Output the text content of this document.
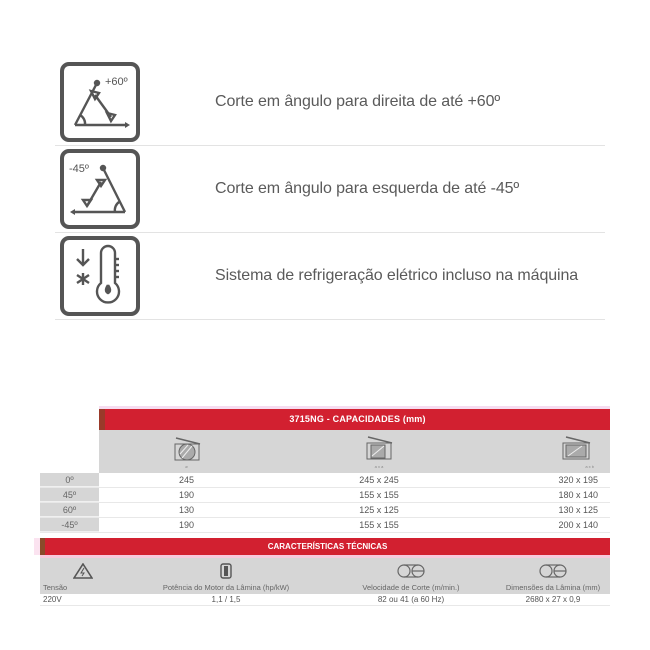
+60º
Corte em ângulo para direita de até +60º
-45º
Corte em ângulo para esquerda de até -45º
Sistema de refrigeração elétrico incluso na máquina
3715NG - CAPACIDADES (mm)
ø	a x a	a x b
0º	245	245 x 245	320 x 195
45º	190	155 x 155	180 x 140
60º	130	125 x 125	130 x 125
-45º	190	155 x 155	200 x 140
CARACTERÍSTICAS TÉCNICAS
Tensão	Potência do Motor da Lâmina (hp/kW)	Velocidade de Corte (m/min.)	Dimensões da Lâmina (mm)
220V	1,1 / 1,5	82 ou 41 (a 60 Hz)	2680 x 27 x 0,9
